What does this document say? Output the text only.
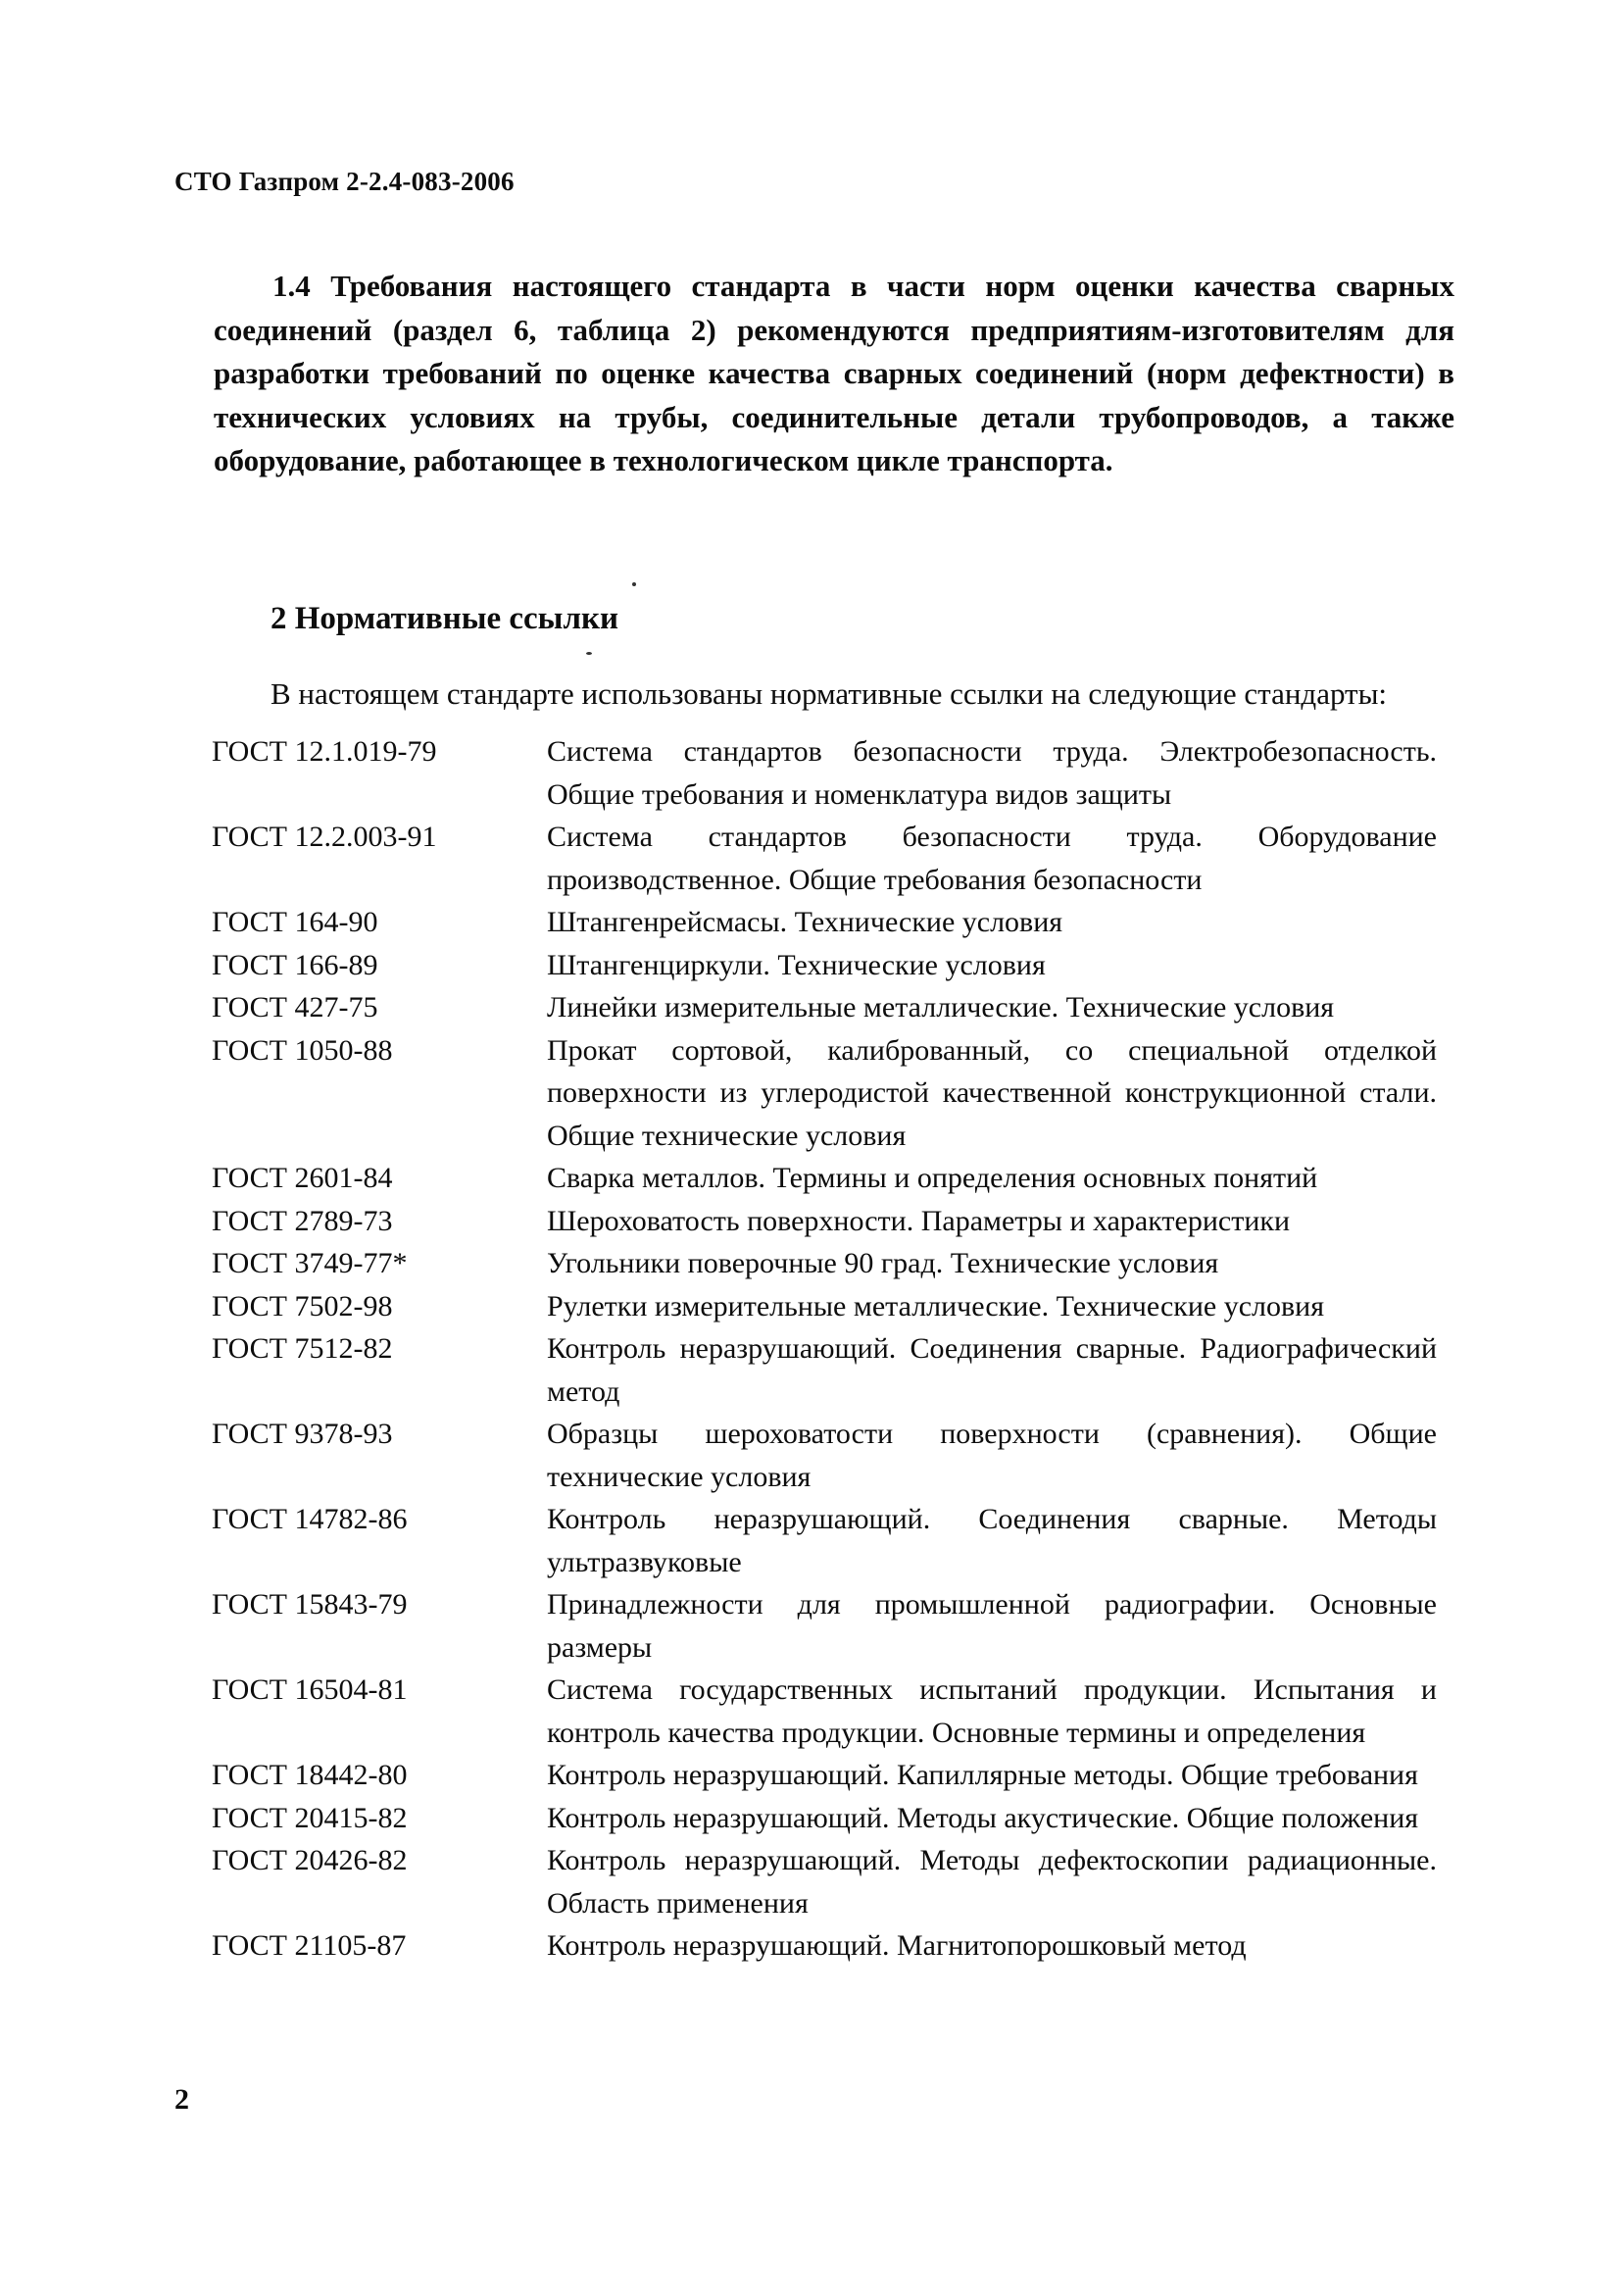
СТО Газпром 2-2.4-083-2006

1.4 Требования настоящего стандарта в части норм оценки качества сварных соединений (раздел 6, таблица 2) рекомендуются предприятиям-изготовителям для разработки требований по оценке качества сварных соединений (норм дефектности) в технических условиях на трубы, соединительные детали трубопроводов, а также оборудование, работающее в технологическом цикле транспорта.

2 Нормативные ссылки
В настоящем стандарте использованы нормативные ссылки на следующие стандарты:
ГОСТ 12.1.019-79	Система стандартов безопасности труда. Электробезопасность. Общие требования и номенклатура видов защиты
ГОСТ 12.2.003-91	Система стандартов безопасности труда. Оборудование производственное. Общие требования безопасности
ГОСТ 164-90	Штангенрейсмасы. Технические условия
ГОСТ 166-89	Штангенциркули. Технические условия
ГОСТ 427-75	Линейки измерительные металлические. Технические условия
ГОСТ 1050-88	Прокат сортовой, калиброванный, со специальной отделкой поверхности из углеродистой качественной конструкционной стали. Общие технические условия
ГОСТ 2601-84	Сварка металлов. Термины и определения основных понятий
ГОСТ 2789-73	Шероховатость поверхности. Параметры и характеристики
ГОСТ 3749-77*	Угольники поверочные 90 град. Технические условия
ГОСТ 7502-98	Рулетки измерительные металлические. Технические условия
ГОСТ 7512-82	Контроль неразрушающий. Соединения сварные. Радиографический метод
ГОСТ 9378-93	Образцы шероховатости поверхности (сравнения). Общие технические условия
ГОСТ 14782-86	Контроль неразрушающий. Соединения сварные. Методы ультразвуковые
ГОСТ 15843-79	Принадлежности для промышленной радиографии. Основные размеры
ГОСТ 16504-81	Система государственных испытаний продукции. Испытания и контроль качества продукции. Основные термины и определения
ГОСТ 18442-80	Контроль неразрушающий. Капиллярные методы. Общие требования
ГОСТ 20415-82	Контроль неразрушающий. Методы акустические. Общие положения
ГОСТ 20426-82	Контроль неразрушающий. Методы дефектоскопии радиационные. Область применения
ГОСТ 21105-87	Контроль неразрушающий. Магнитопорошковый метод
2
